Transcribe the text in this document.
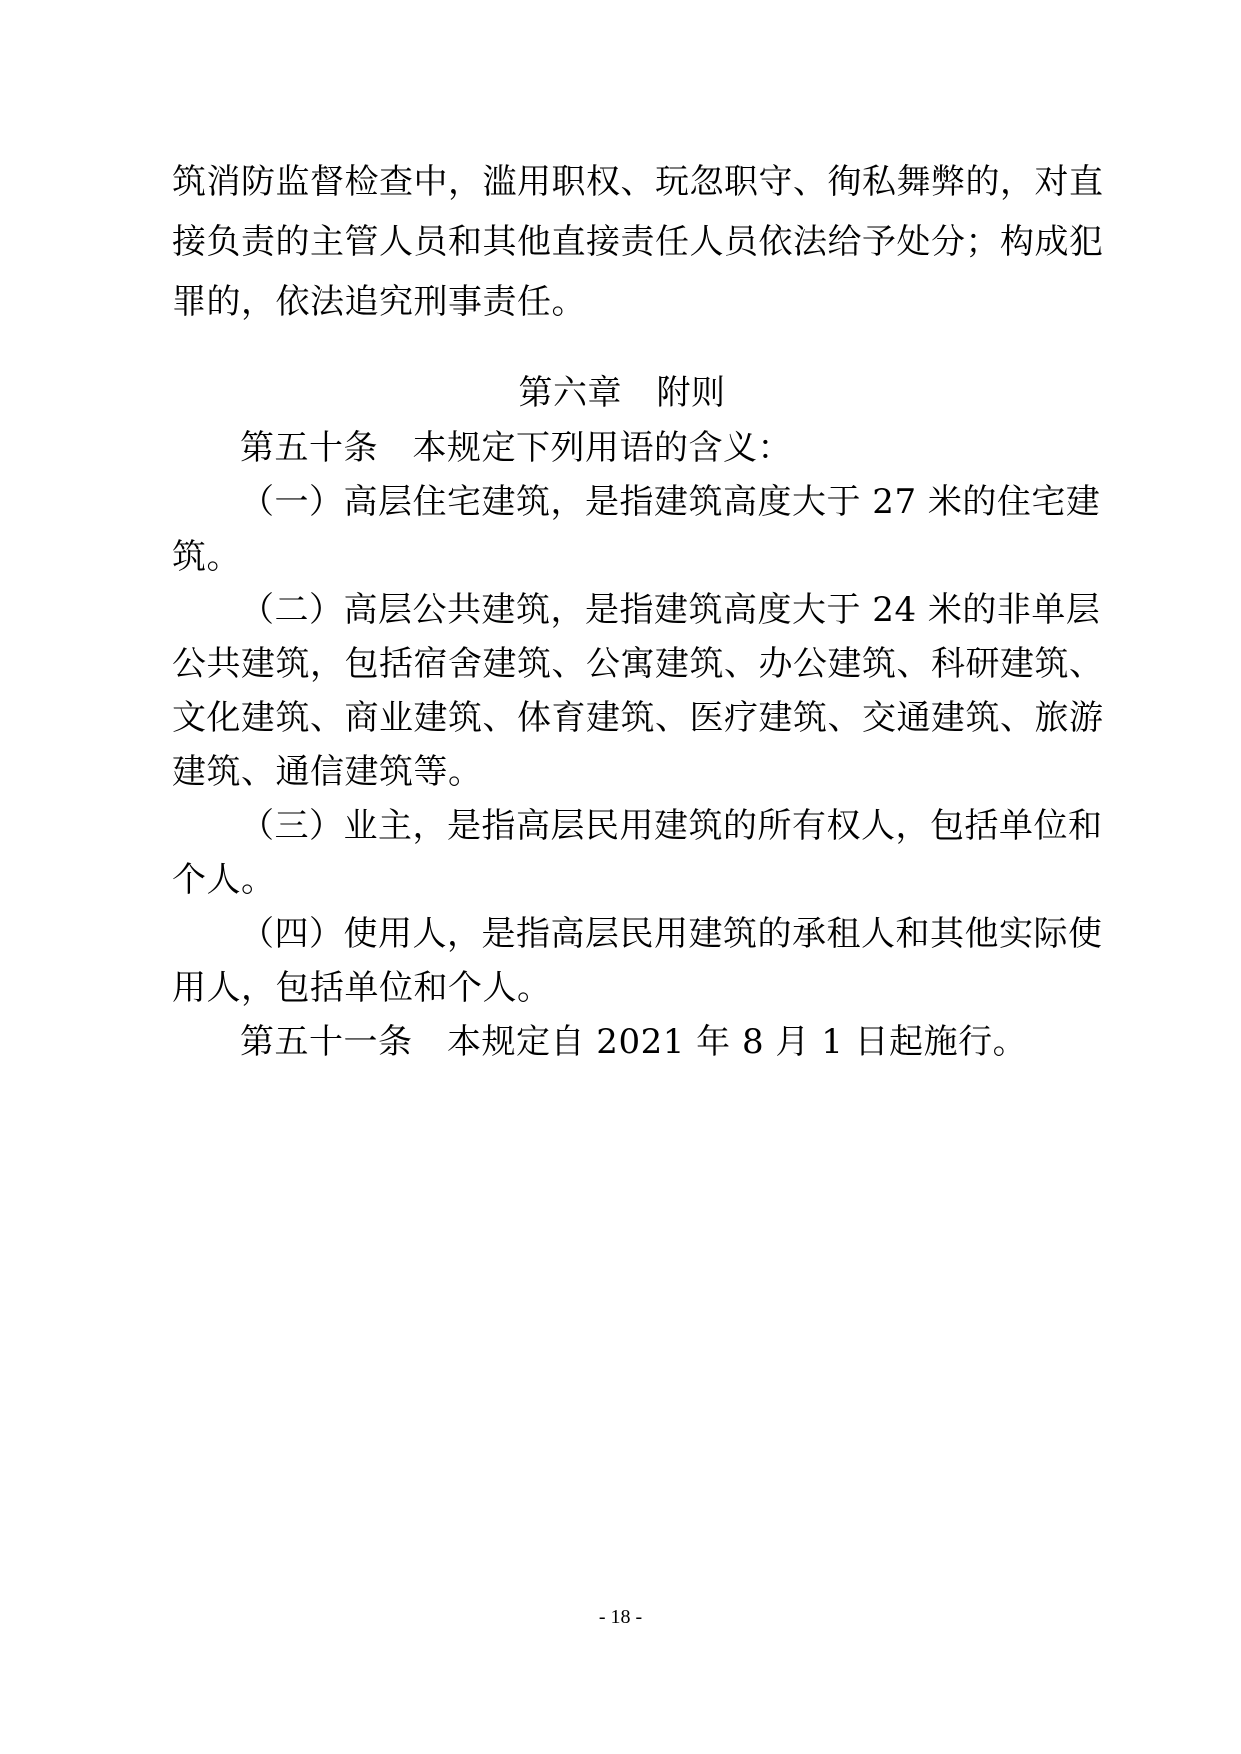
筑消防监督检查中，滥用职权、玩忽职守、徇私舞弊的，对直
接负责的主管人员和其他直接责任人员依法给予处分；构成犯
罪的，依法追究刑事责任。
第六章　附则
第五十条　本规定下列用语的含义：
（一）高层住宅建筑，是指建筑高度大于 27 米的住宅建
筑。
（二）高层公共建筑，是指建筑高度大于 24 米的非单层
公共建筑，包括宿舍建筑、公寓建筑、办公建筑、科研建筑、
文化建筑、商业建筑、体育建筑、医疗建筑、交通建筑、旅游
建筑、通信建筑等。
（三）业主，是指高层民用建筑的所有权人，包括单位和
个人。
（四）使用人，是指高层民用建筑的承租人和其他实际使
用人，包括单位和个人。
第五十一条　本规定自 2021 年 8 月 1 日起施行。
- 18 -
